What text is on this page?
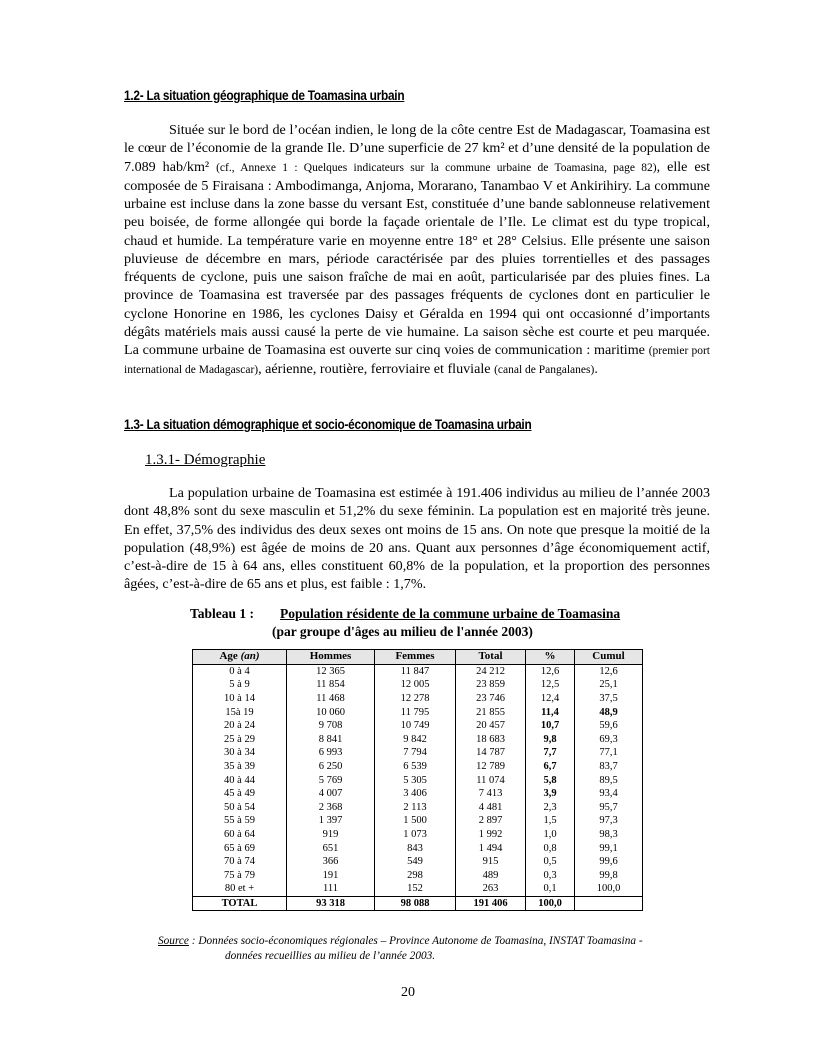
1.2- La situation géographique de Toamasina urbain

Située sur le bord de l’océan indien, le long de la côte centre Est de Madagascar, Toamasina est le cœur de l’économie de la grande Ile. D’une superficie de 27 km² et d’une densité de la population de 7.089 hab/km² (cf., Annexe 1 : Quelques indicateurs sur la commune urbaine de Toamasina, page 82), elle est composée de 5 Firaisana : Ambodimanga, Anjoma, Morarano, Tanambao V et Ankirihiry. La commune urbaine est incluse dans la zone basse du versant Est, constituée d’une bande sablonneuse relativement peu boisée, de forme allongée qui borde la façade orientale de l’Ile. Le climat est du type tropical, chaud et humide. La température varie en moyenne entre 18° et 28° Celsius. Elle présente une saison pluvieuse de décembre en mars, période caractérisée par des pluies torrentielles et des passages fréquents de cyclone, puis une saison fraîche de mai en août, particularisée par des pluies fines. La province de Toamasina est traversée par des passages fréquents de cyclones dont en particulier le cyclone Honorine en 1986, les cyclones Daisy et Géralda en 1994 qui ont occasionné d’importants dégâts matériels mais aussi causé la perte de vie humaine. La saison sèche est courte et peu marquée. La commune urbaine de Toamasina est ouverte sur cinq voies de communication : maritime (premier port international de Madagascar), aérienne, routière, ferroviaire et fluviale (canal de Pangalanes).

1.3- La situation démographique et socio-économique de Toamasina urbain
1.3.1- Démographie

La population urbaine de Toamasina est estimée à 191.406 individus au milieu de l’année 2003 dont 48,8% sont du sexe masculin et 51,2% du sexe féminin. La population est en majorité très jeune. En effet, 37,5% des individus des deux sexes ont moins de 15 ans. On note que presque la moitié de la population (48,9%) est âgée de moins de 20 ans. Quant aux personnes d’âge économiquement actif, c’est-à-dire de 15 à 64 ans, elles constituent 60,8% de la population, et la proportion des personnes âgées, c’est-à-dire de 65 ans et plus, est faible : 1,7%.

Tableau 1 : Population résidente de la commune urbaine de Toamasina
(par groupe d'âges au milieu de l'année 2003)
Age (an)	Hommes	Femmes	Total	%	Cumul
0 à 4	12 365	11 847	24 212	12,6	12,6
5 à 9	11 854	12 005	23 859	12,5	25,1
10 à 14	11 468	12 278	23 746	12,4	37,5
15à 19	10 060	11 795	21 855	11,4	48,9
20 à 24	9 708	10 749	20 457	10,7	59,6
25 à 29	8 841	9 842	18 683	9,8	69,3
30 à 34	6 993	7 794	14 787	7,7	77,1
35 à 39	6 250	6 539	12 789	6,7	83,7
40 à 44	5 769	5 305	11 074	5,8	89,5
45 à 49	4 007	3 406	7 413	3,9	93,4
50 à 54	2 368	2 113	4 481	2,3	95,7
55 à 59	1 397	1 500	2 897	1,5	97,3
60 à 64	919	1 073	1 992	1,0	98,3
65 à 69	651	843	1 494	0,8	99,1
70 à 74	366	549	915	0,5	99,6
75 à 79	191	298	489	0,3	99,8
80 et +	111	152	263	0,1	100,0
TOTAL	93 318	98 088	191 406	100,0	
Source : Données socio-économiques régionales – Province Autonome de Toamasina, INSTAT Toamasina -
données recueillies au milieu de l’année 2003.
20
